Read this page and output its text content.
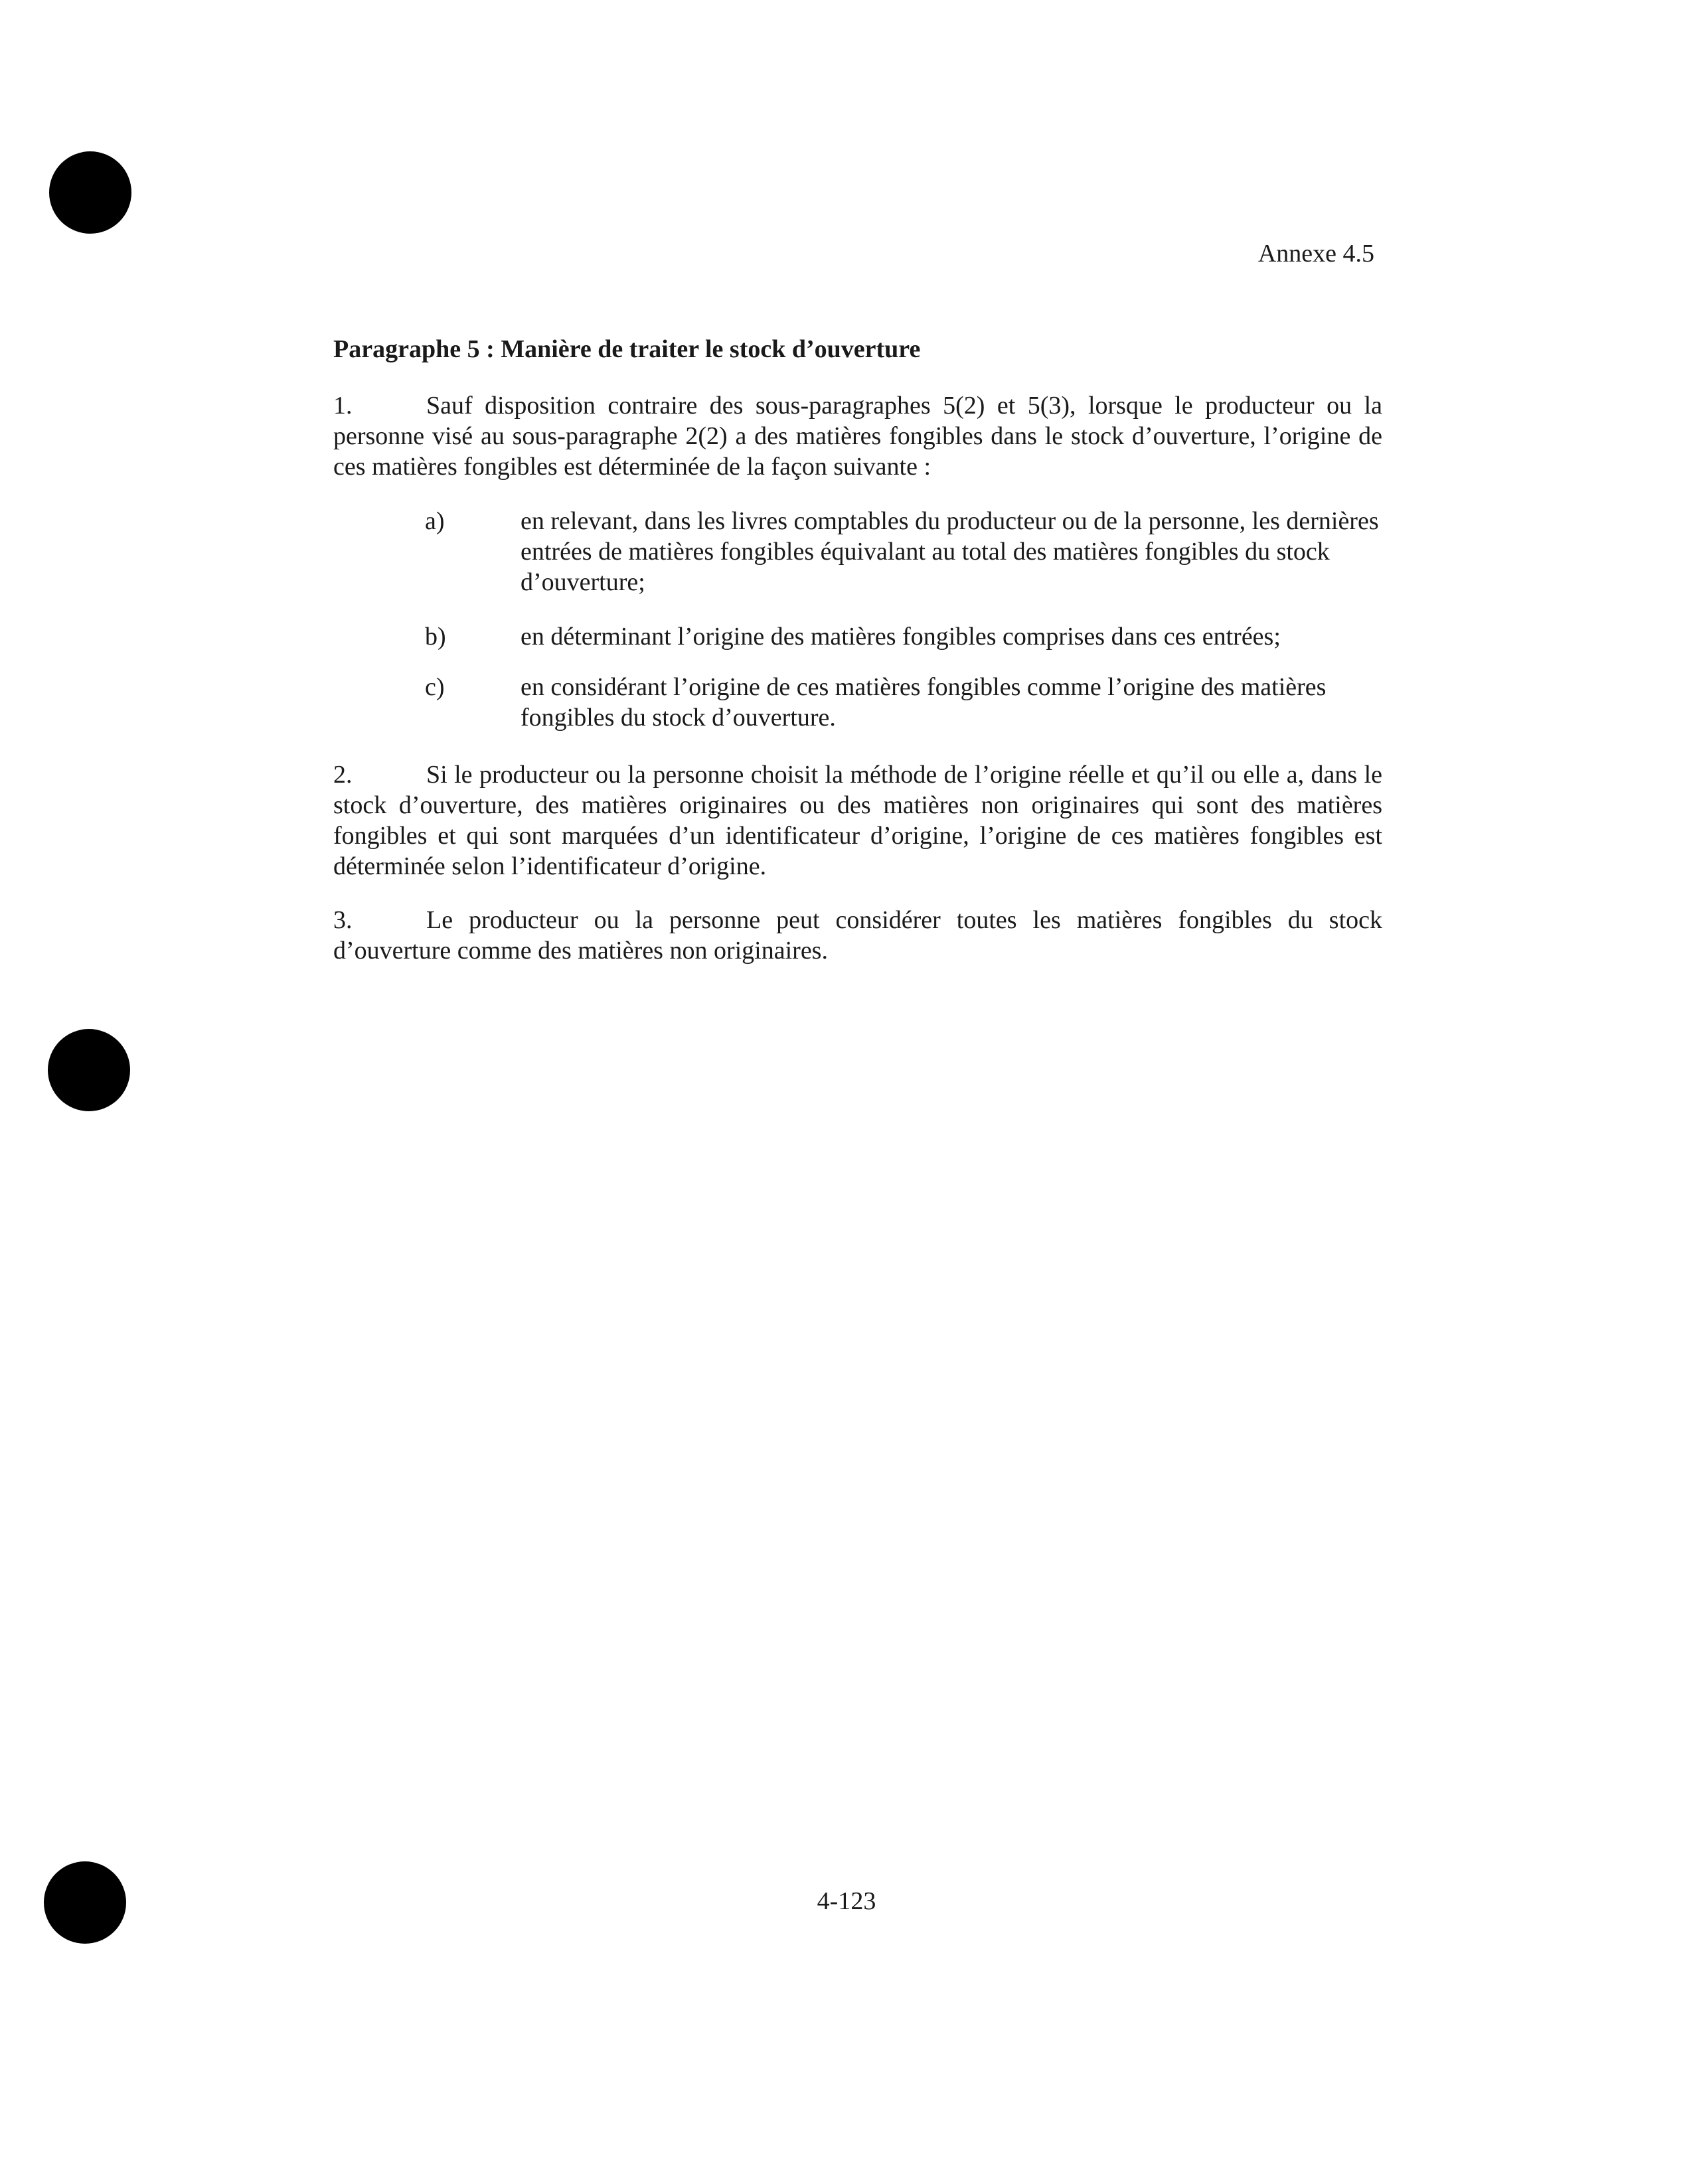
Annexe 4.5
Paragraphe 5 : Manière de traiter le stock d’ouverture
1.	Sauf disposition contraire des sous-paragraphes 5(2) et 5(3), lorsque le producteur ou la personne visé au sous-paragraphe 2(2) a des matières fongibles dans le stock d’ouverture, l’origine de ces matières fongibles est déterminée de la façon suivante :
a)	en relevant, dans les livres comptables du producteur ou de la personne, les dernières entrées de matières fongibles équivalant au total des matières fongibles du stock d’ouverture;
b)	en déterminant l’origine des matières fongibles comprises dans ces entrées;
c)	en considérant l’origine de ces matières fongibles comme l’origine des matières fongibles du stock d’ouverture.
2.	Si le producteur ou la personne choisit la méthode de l’origine réelle et qu’il ou elle a, dans le stock d’ouverture, des matières originaires ou des matières non originaires qui sont des matières fongibles et qui sont marquées d’un identificateur d’origine, l’origine de ces matières fongibles est déterminée selon l’identificateur d’origine.
3.	Le producteur ou la personne peut considérer toutes les matières fongibles du stock d’ouverture comme des matières non originaires.
4-123
